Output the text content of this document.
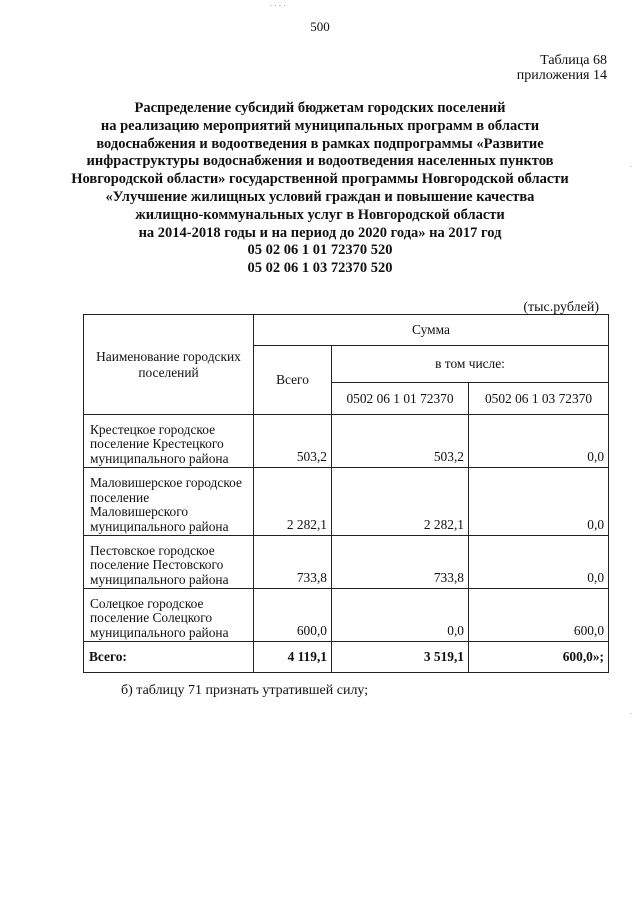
500
Таблица 68
приложения 14
Распределение субсидий бюджетам городских поселений
на реализацию мероприятий муниципальных программ в области
водоснабжения и водоотведения в рамках подпрограммы «Развитие
инфраструктуры водоснабжения и водоотведения населенных пунктов
Новгородской области» государственной программы Новгородской области
«Улучшение жилищных условий граждан и повышение качества
жилищно-коммунальных услуг в Новгородской области
на 2014-2018 годы и на период до 2020 года» на 2017 год
05 02 06 1 01 72370 520
05 02 06 1 03 72370 520
(тыс.рублей)
Наименование городских поселений	Сумма		
	Всего	в том числе:	
		0502 06 1 01 72370	0502 06 1 03 72370
Крестецкое городское поселение Крестецкого муниципального района	503,2	503,2	0,0
Маловишерское городское поселение Маловишерского муниципального района	2 282,1	2 282,1	0,0
Пестовское городское поселение Пестовского муниципального района	733,8	733,8	0,0
Солецкое городское поселение Солецкого муниципального района	600,0	0,0	600,0
Всего:	4 119,1	3 519,1	600,0»;
б) таблицу 71 признать утратившей силу;
· · · ·
·
·
